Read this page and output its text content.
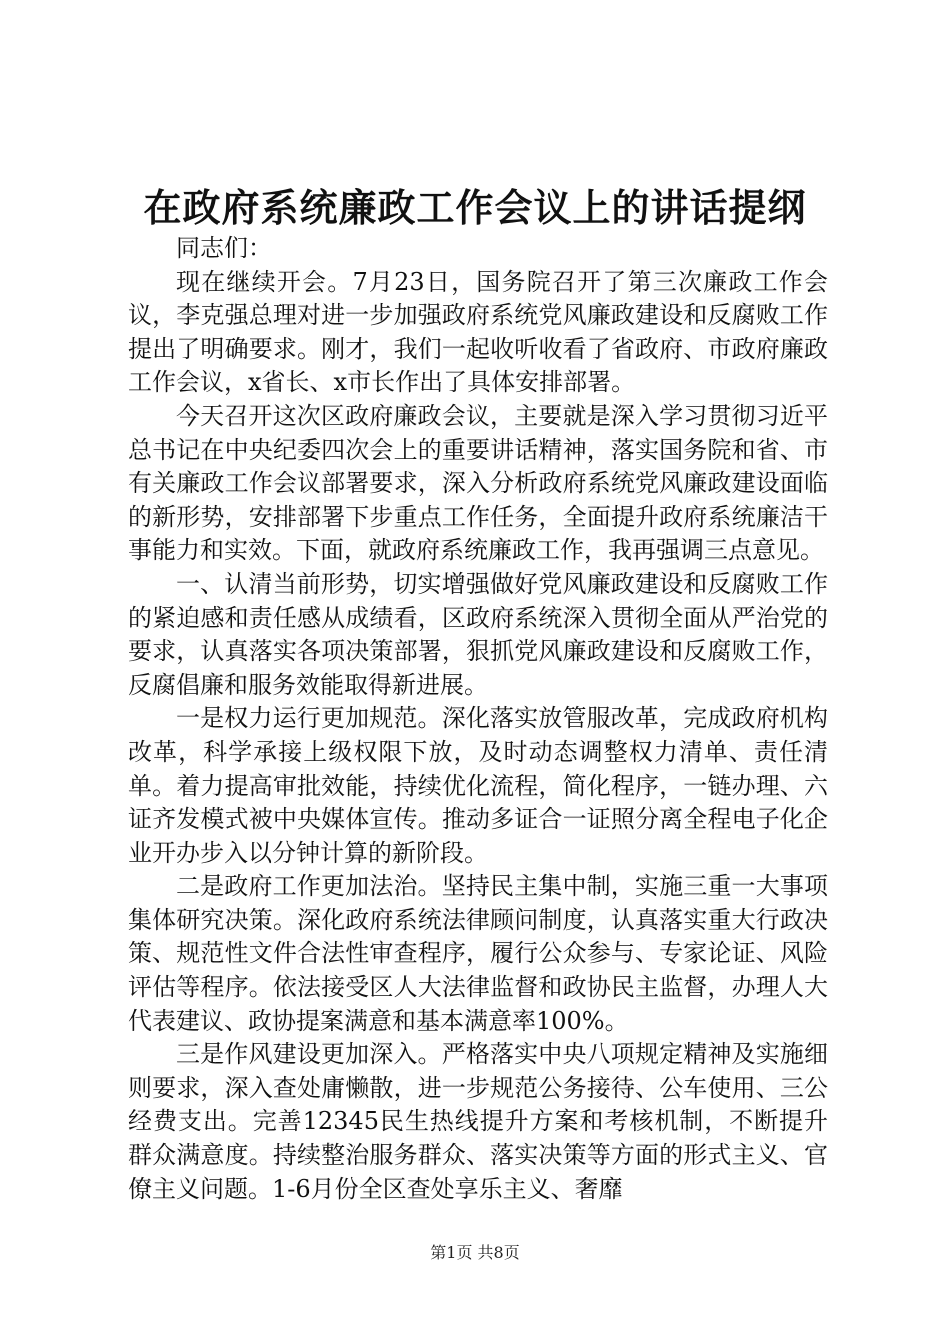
在政府系统廉政工作会议上的讲话提纲

同志们：

现在继续开会。7月23日，国务院召开了第三次廉政工作会议，李克强总理对进一步加强政府系统党风廉政建设和反腐败工作提出了明确要求。刚才，我们一起收听收看了省政府、市政府廉政工作会议，x省长、x市长作出了具体安排部署。

今天召开这次区政府廉政会议，主要就是深入学习贯彻习近平总书记在中央纪委四次会上的重要讲话精神，落实国务院和省、市有关廉政工作会议部署要求，深入分析政府系统党风廉政建设面临的新形势，安排部署下步重点工作任务，全面提升政府系统廉洁干事能力和实效。下面，就政府系统廉政工作，我再强调三点意见。

一、认清当前形势，切实增强做好党风廉政建设和反腐败工作的紧迫感和责任感从成绩看，区政府系统深入贯彻全面从严治党的要求，认真落实各项决策部署，狠抓党风廉政建设和反腐败工作，反腐倡廉和服务效能取得新进展。

一是权力运行更加规范。深化落实放管服改革，完成政府机构改革，科学承接上级权限下放，及时动态调整权力清单、责任清单。着力提高审批效能，持续优化流程，简化程序，一链办理、六证齐发模式被中央媒体宣传。推动多证合一证照分离全程电子化企业开办步入以分钟计算的新阶段。

二是政府工作更加法治。坚持民主集中制，实施三重一大事项集体研究决策。深化政府系统法律顾问制度，认真落实重大行政决策、规范性文件合法性审查程序，履行公众参与、专家论证、风险评估等程序。依法接受区人大法律监督和政协民主监督，办理人大代表建议、政协提案满意和基本满意率100%。

三是作风建设更加深入。严格落实中央八项规定精神及实施细则要求，深入查处庸懒散，进一步规范公务接待、公车使用、三公经费支出。完善12345民生热线提升方案和考核机制，不断提升群众满意度。持续整治服务群众、落实决策等方面的形式主义、官僚主义问题。1-6月份全区查处享乐主义、奢靡

第1页 共8页
